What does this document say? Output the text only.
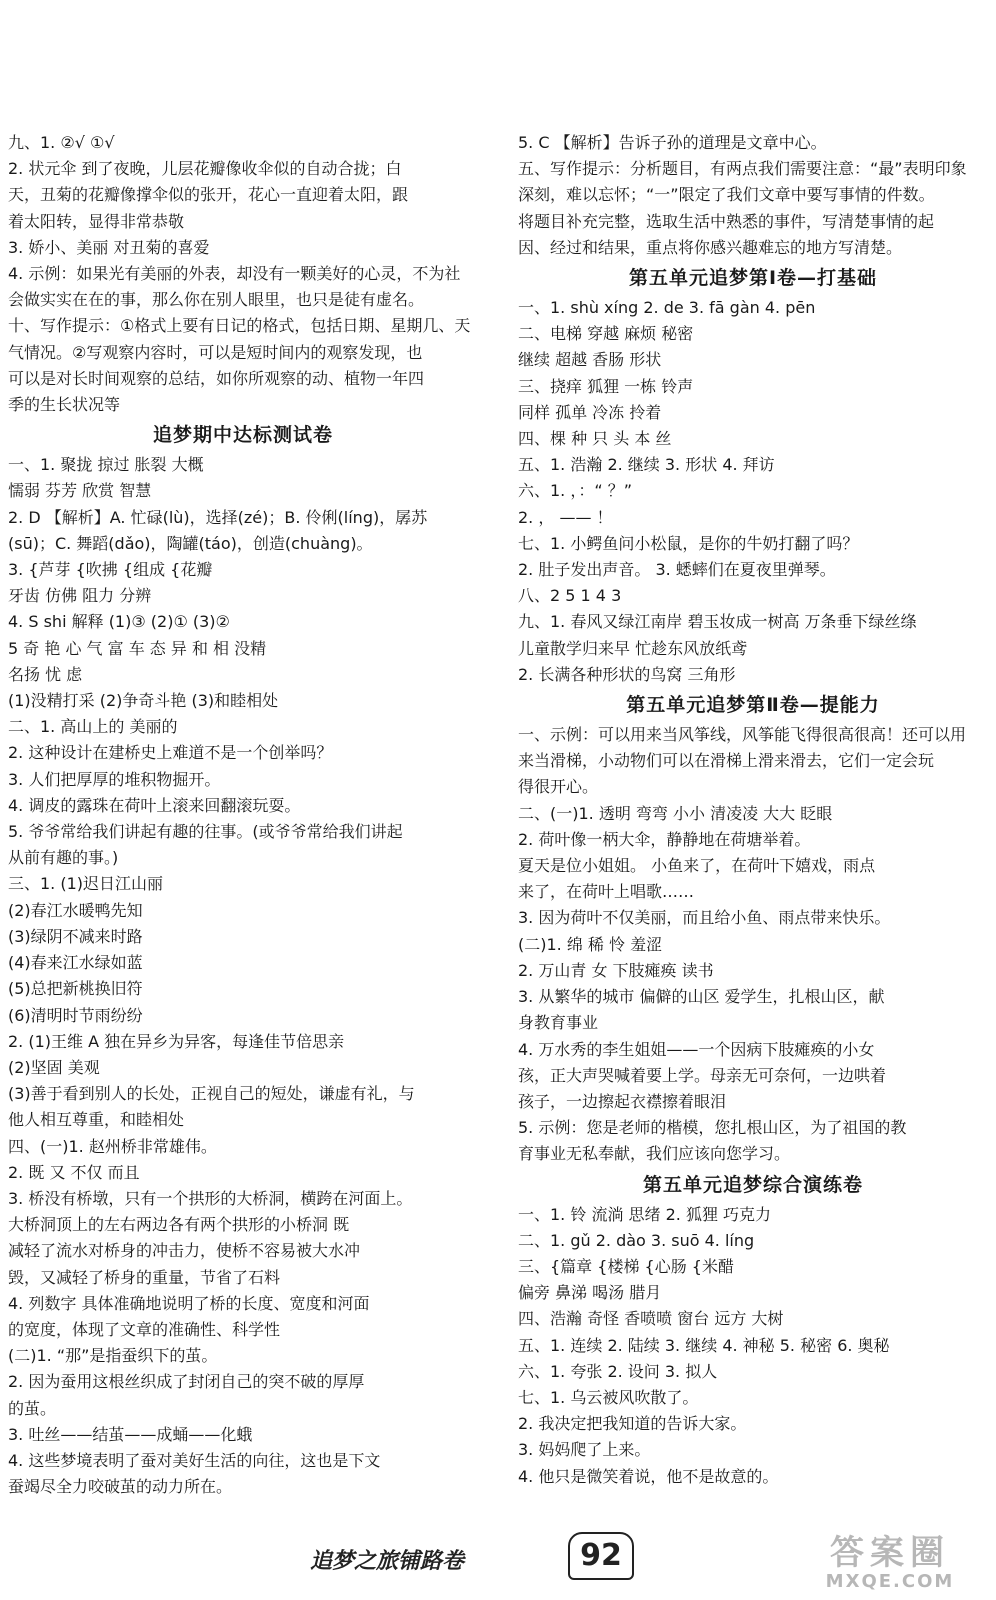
九、1. ②√ ①√
2. 状元伞 到了夜晚，儿层花瓣像收伞似的自动合拢；白
天，丑菊的花瓣像撑伞似的张开，花心一直迎着太阳，跟
着太阳转，显得非常恭敬
3. 娇小、美丽 对丑菊的喜爱
4. 示例：如果光有美丽的外表，却没有一颗美好的心灵，不为社
会做实实在在的事，那么你在别人眼里，也只是徒有虚名。
十、写作提示：①格式上要有日记的格式，包括日期、星期几、天
气情况。②写观察内容时，可以是短时间内的观察发现，也
可以是对长时间观察的总结，如你所观察的动、植物一年四
季的生长状况等
追梦期中达标测试卷
一、1. 聚拢 掠过 胀裂 大概
懦弱 芬芳 欣赏 智慧
2. D 【解析】A. 忙碌(lù)，选择(zé)；B. 伶俐(líng)，孱苏
(sū)；C. 舞蹈(dǎo)，陶罐(táo)，创造(chuàng)。
3. {芦芽 {吹拂 {组成 {花瓣
牙齿 仿佛 阻力 分辨
4. S shi 解释 (1)③ (2)① (3)②
5 奇 艳 心 气 富 车 态 异 和 相 没精
名扬 忧 虑
(1)没精打采 (2)争奇斗艳 (3)和睦相处
二、1. 高山上的 美丽的
2. 这种设计在建桥史上难道不是一个创举吗？
3. 人们把厚厚的堆积物掘开。
4. 调皮的露珠在荷叶上滚来回翻滚玩耍。
5. 爷爷常给我们讲起有趣的往事。(或爷爷常给我们讲起
从前有趣的事。)
三、1. (1)迟日江山丽
(2)春江水暖鸭先知
(3)绿阴不减来时路
(4)春来江水绿如蓝
(5)总把新桃换旧符
(6)清明时节雨纷纷
2. (1)王维 A 独在异乡为异客，每逢佳节倍思亲
(2)坚固 美观
(3)善于看到别人的长处，正视自己的短处，谦虚有礼，与
他人相互尊重，和睦相处
四、(一)1. 赵州桥非常雄伟。
2. 既 又 不仅 而且
3. 桥没有桥墩，只有一个拱形的大桥洞，横跨在河面上。
大桥洞顶上的左右两边各有两个拱形的小桥洞 既
减轻了流水对桥身的冲击力，使桥不容易被大水冲
毁，又减轻了桥身的重量，节省了石料
4. 列数字 具体准确地说明了桥的长度、宽度和河面
的宽度，体现了文章的准确性、科学性
(二)1. “那”是指蚕织下的茧。
2. 因为蚕用这根丝织成了封闭自己的突不破的厚厚
的茧。
3. 吐丝——结茧——成蛹——化蛾
4. 这些梦境表明了蚕对美好生活的向往，这也是下文
蚕竭尽全力咬破茧的动力所在。
5. C 【解析】告诉子孙的道理是文章中心。
五、写作提示：分析题目，有两点我们需要注意：“最”表明印象
深刻，难以忘怀；“一”限定了我们文章中要写事情的件数。
将题目补充完整，选取生活中熟悉的事件，写清楚事情的起
因、经过和结果，重点将你感兴趣难忘的地方写清楚。
第五单元追梦第Ⅰ卷—打基础
一、1. shù xíng 2. de 3. fā gàn 4. pēn
二、电梯 穿越 麻烦 秘密
继续 超越 香肠 形状
三、挠痒 狐狸 一栋 铃声
同样 孤单 冷冻 拎着
四、棵 种 只 头 本 丝
五、1. 浩瀚 2. 继续 3. 形状 4. 拜访
六、1. ，：“ ？”
2. ， —— ！
七、1. 小鳄鱼问小松鼠，是你的牛奶打翻了吗？
2. 肚子发出声音。 3. 蟋蟀们在夏夜里弹琴。
八、2 5 1 4 3
九、1. 春风又绿江南岸 碧玉妆成一树高 万条垂下绿丝绦
儿童散学归来早 忙趁东风放纸鸢
2. 长满各种形状的鸟窝 三角形
第五单元追梦第Ⅱ卷—提能力
一、示例：可以用来当风筝线，风筝能飞得很高很高！还可以用
来当滑梯，小动物们可以在滑梯上滑来滑去，它们一定会玩
得很开心。
二、(一)1. 透明 弯弯 小小 清凌凌 大大 眨眼
2. 荷叶像一柄大伞，静静地在荷塘举着。
夏天是位小姐姐。 小鱼来了，在荷叶下嬉戏，雨点
来了，在荷叶上唱歌……
3. 因为荷叶不仅美丽，而且给小鱼、雨点带来快乐。
(二)1. 绵 稀 怜 羞涩
2. 万山青 女 下肢瘫痪 读书
3. 从繁华的城市 偏僻的山区 爱学生，扎根山区，献
身教育事业
4. 万水秀的李生姐姐——一个因病下肢瘫痪的小女
孩，正大声哭喊着要上学。母亲无可奈何，一边哄着
孩子，一边擦起衣襟擦着眼泪
5. 示例：您是老师的楷模，您扎根山区，为了祖国的教
育事业无私奉献，我们应该向您学习。
第五单元追梦综合演练卷
一、1. 铃 流淌 思绪 2. 狐狸 巧克力
二、1. gǔ 2. dào 3. suō 4. líng
三、{篇章 {楼梯 {心肠 {米醋
偏旁 鼻涕 喝汤 腊月
四、浩瀚 奇怪 香喷喷 窗台 远方 大树
五、1. 连续 2. 陆续 3. 继续 4. 神秘 5. 秘密 6. 奥秘
六、1. 夸张 2. 设问 3. 拟人
七、1. 乌云被风吹散了。
2. 我决定把我知道的告诉大家。
3. 妈妈爬了上来。
4. 他只是微笑着说，他不是故意的。
追梦之旅铺路卷	92	答案圈
MXQE.COM
